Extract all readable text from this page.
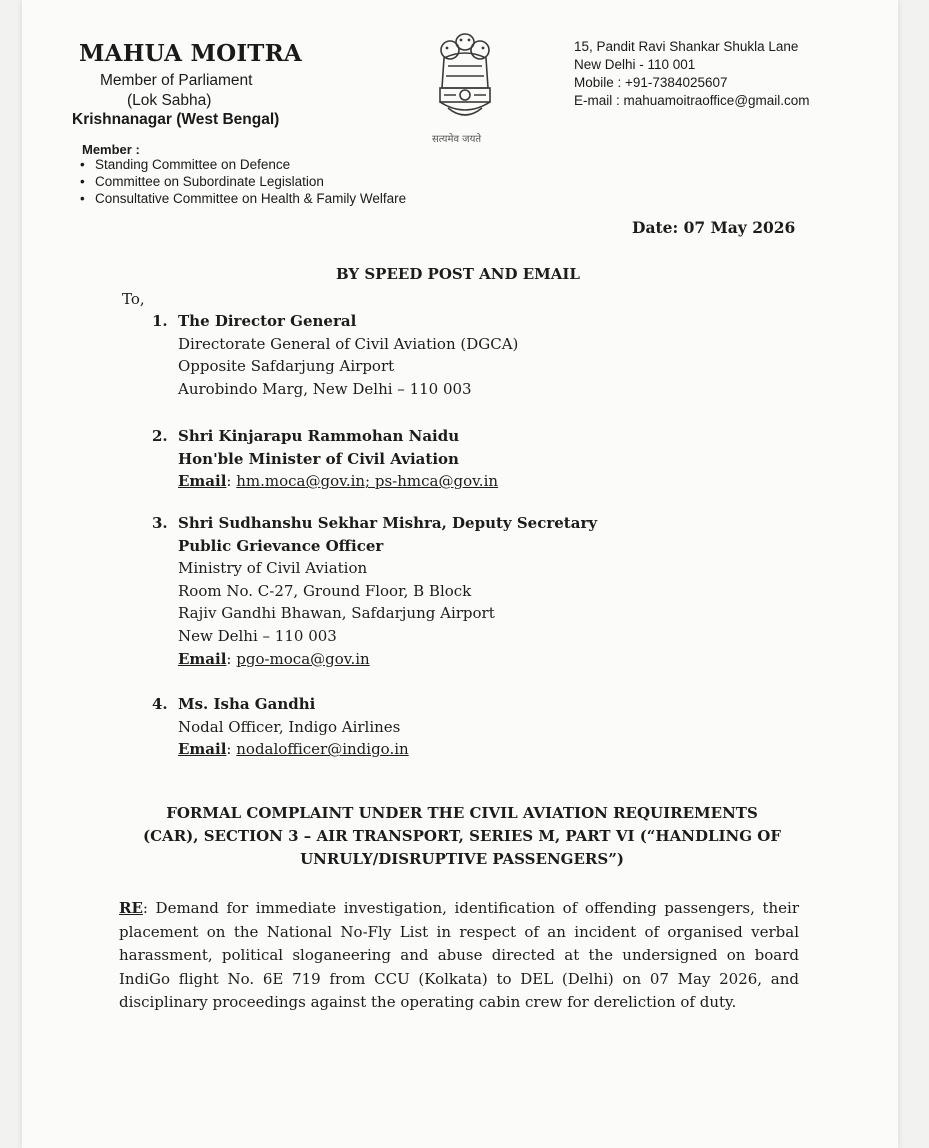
MAHUA MOITRA
Member of Parliament
(Lok Sabha)
Krishnanagar (West Bengal)
Member :
• Standing Committee on Defence
• Committee on Subordinate Legislation
• Consultative Committee on Health & Family Welfare
सत्यमेव जयते
15, Pandit Ravi Shankar Shukla Lane
New Delhi - 110 001
Mobile : +91-7384025607
E-mail : mahuamoitraoffice@gmail.com
Date: 07 May 2026
BY SPEED POST AND EMAIL
To,
1. The Director General
Directorate General of Civil Aviation (DGCA)
Opposite Safdarjung Airport
Aurobindo Marg, New Delhi – 110 003
2. Shri Kinjarapu Rammohan Naidu
Hon'ble Minister of Civil Aviation
Email: hm.moca@gov.in; ps-hmca@gov.in
3. Shri Sudhanshu Sekhar Mishra, Deputy Secretary
Public Grievance Officer
Ministry of Civil Aviation
Room No. C-27, Ground Floor, B Block
Rajiv Gandhi Bhawan, Safdarjung Airport
New Delhi – 110 003
Email: pgo-moca@gov.in
4. Ms. Isha Gandhi
Nodal Officer, Indigo Airlines
Email: nodalofficer@indigo.in
FORMAL COMPLAINT UNDER THE CIVIL AVIATION REQUIREMENTS
(CAR), SECTION 3 – AIR TRANSPORT, SERIES M, PART VI (“HANDLING OF
UNRULY/DISRUPTIVE PASSENGERS”)
RE: Demand for immediate investigation, identification of offending passengers, their placement on the National No-Fly List in respect of an incident of organised verbal harassment, political sloganeering and abuse directed at the undersigned on board IndiGo flight No. 6E 719 from CCU (Kolkata) to DEL (Delhi) on 07 May 2026, and disciplinary proceedings against the operating cabin crew for dereliction of duty.
